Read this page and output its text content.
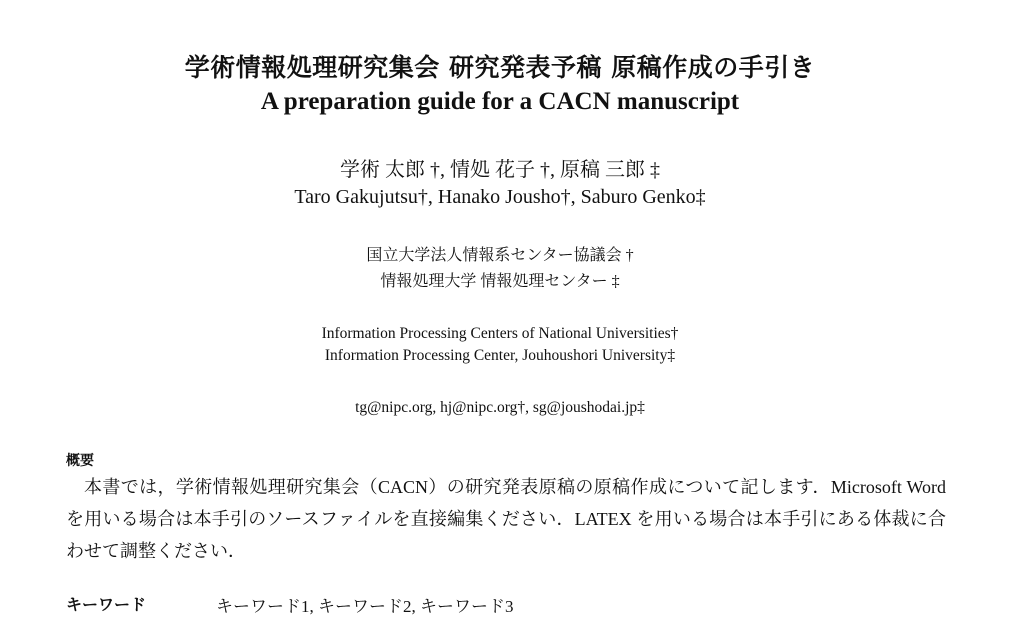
学術情報処理研究集会 研究発表予稿 原稿作成の手引き
A preparation guide for a CACN manuscript
学術 太郎 †, 情処 花子 †, 原稿 三郎 ‡
Taro Gakujutsu†, Hanako Jousho†, Saburo Genko‡
国立大学法人情報系センター協議会 †
情報処理大学 情報処理センター ‡
Information Processing Centers of National Universities†
Information Processing Center, Jouhoushori University‡
tg@nipc.org, hj@nipc.org†, sg@joushodai.jp‡
概要
本書では，学術情報処理研究集会（CACN）の研究発表原稿の原稿作成について記します．Microsoft Word を用いる場合は本手引のソースファイルを直接編集ください．LATEX を用いる場合は本手引にある体裁に合わせて調整ください．
キーワード	キーワード1, キーワード2, キーワード3
